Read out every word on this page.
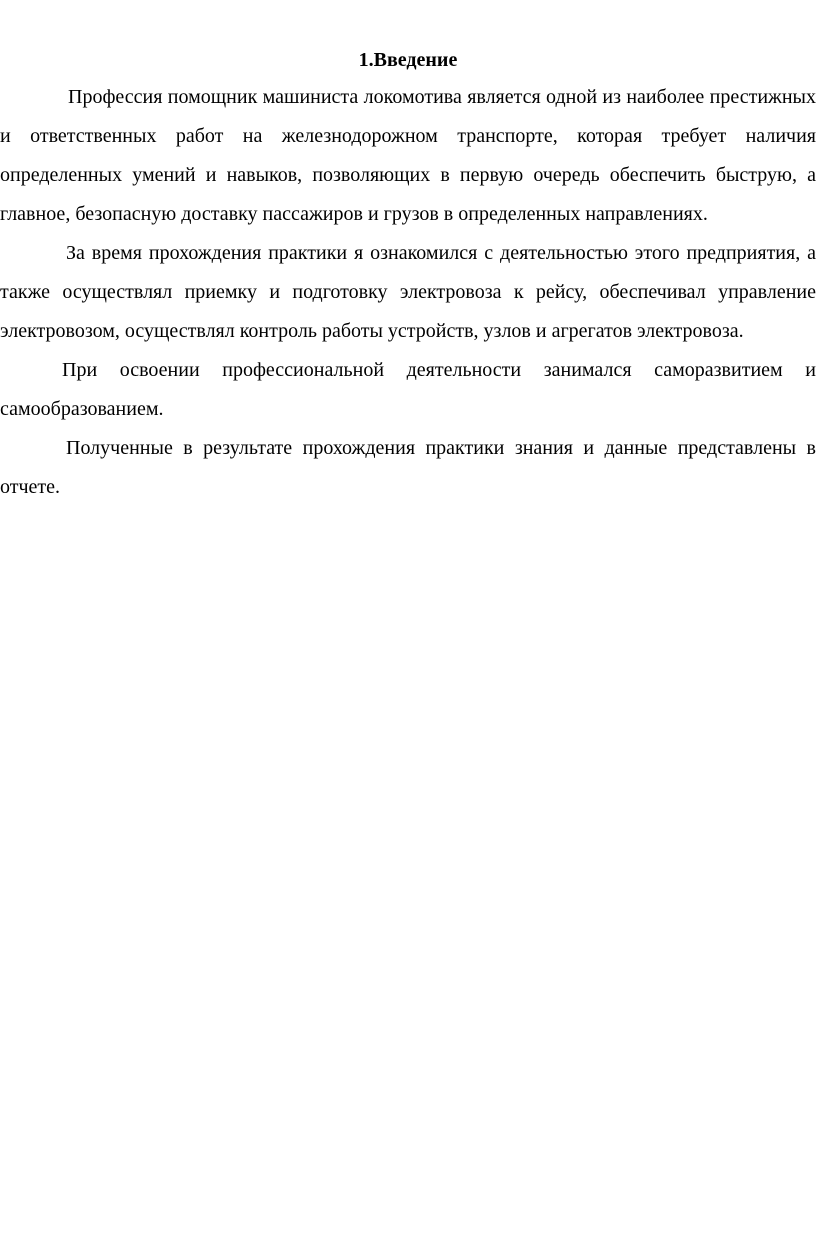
1.Введение

Профессия помощник машиниста локомотива является одной из наиболее престижных и ответственных работ на железнодорожном транспорте, которая требует наличия определенных умений и навыков, позволяющих в первую очередь обеспечить быструю, а главное, безопасную доставку пассажиров и грузов в определенных направлениях.

За время прохождения практики я ознакомился с деятельностью этого предприятия, а также осуществлял приемку и подготовку электровоза к рейсу, обеспечивал управление электровозом, осуществлял контроль работы устройств, узлов и агрегатов электровоза.

При освоении профессиональной деятельности занимался саморазвитием и самообразованием.

Полученные в результате прохождения практики знания и данные представлены в отчете.
